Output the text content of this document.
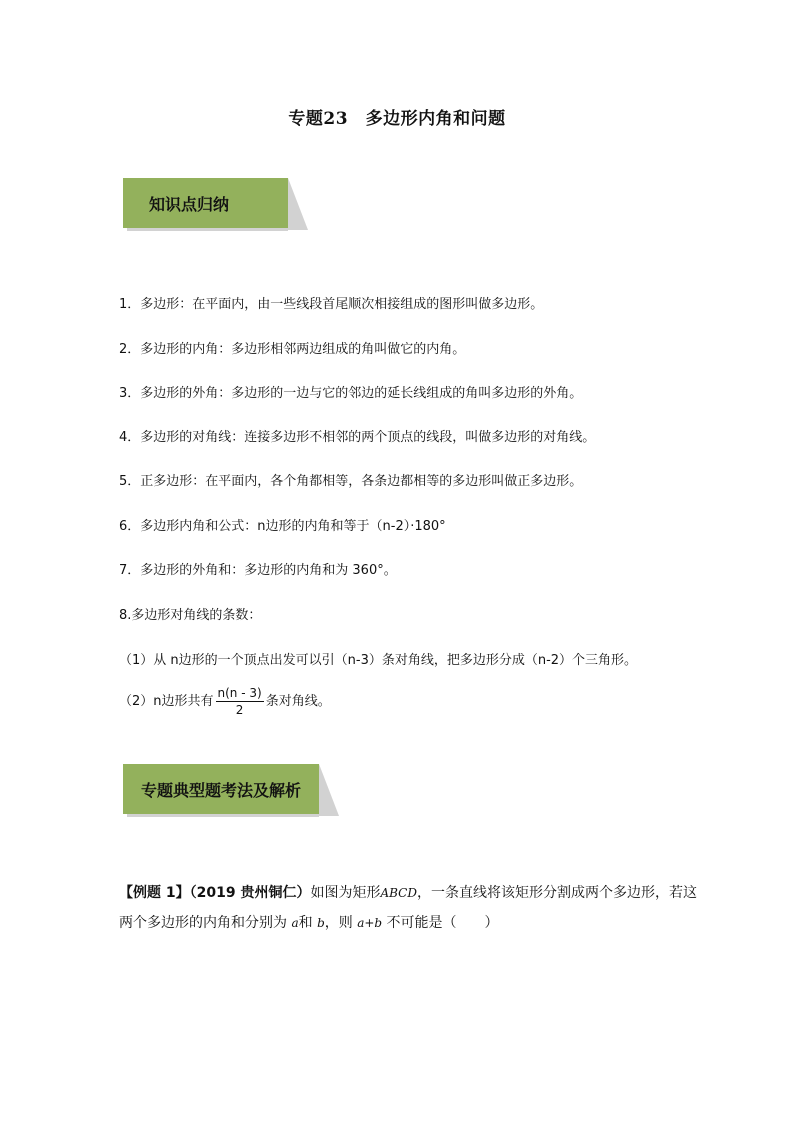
专题23　多边形内角和问题
知识点归纳
1．多边形：在平面内，由一些线段首尾顺次相接组成的图形叫做多边形。
2．多边形的内角：多边形相邻两边组成的角叫做它的内角。
3．多边形的外角：多边形的一边与它的邻边的延长线组成的角叫多边形的外角。
4．多边形的对角线：连接多边形不相邻的两个顶点的线段，叫做多边形的对角线。
5．正多边形：在平面内，各个角都相等，各条边都相等的多边形叫做正多边形。
6．多边形内角和公式：n边形的内角和等于（n-2）·180°
7．多边形的外角和：多边形的内角和为 360°。
8.多边形对角线的条数：
（1）从 n边形的一个顶点出发可以引（n-3）条对角线，把多边形分成（n-2）个三角形。
（2）n边形共有 $\frac{n(n - 3)}{2}$ 条对角线。
专题典型题考法及解析
【例题 1】（2019 贵州铜仁）如图为矩形ABCD，一条直线将该矩形分割成两个多边形，若这
两个多边形的内角和分别为 a和 b，则 a+b 不可能是（　　）
